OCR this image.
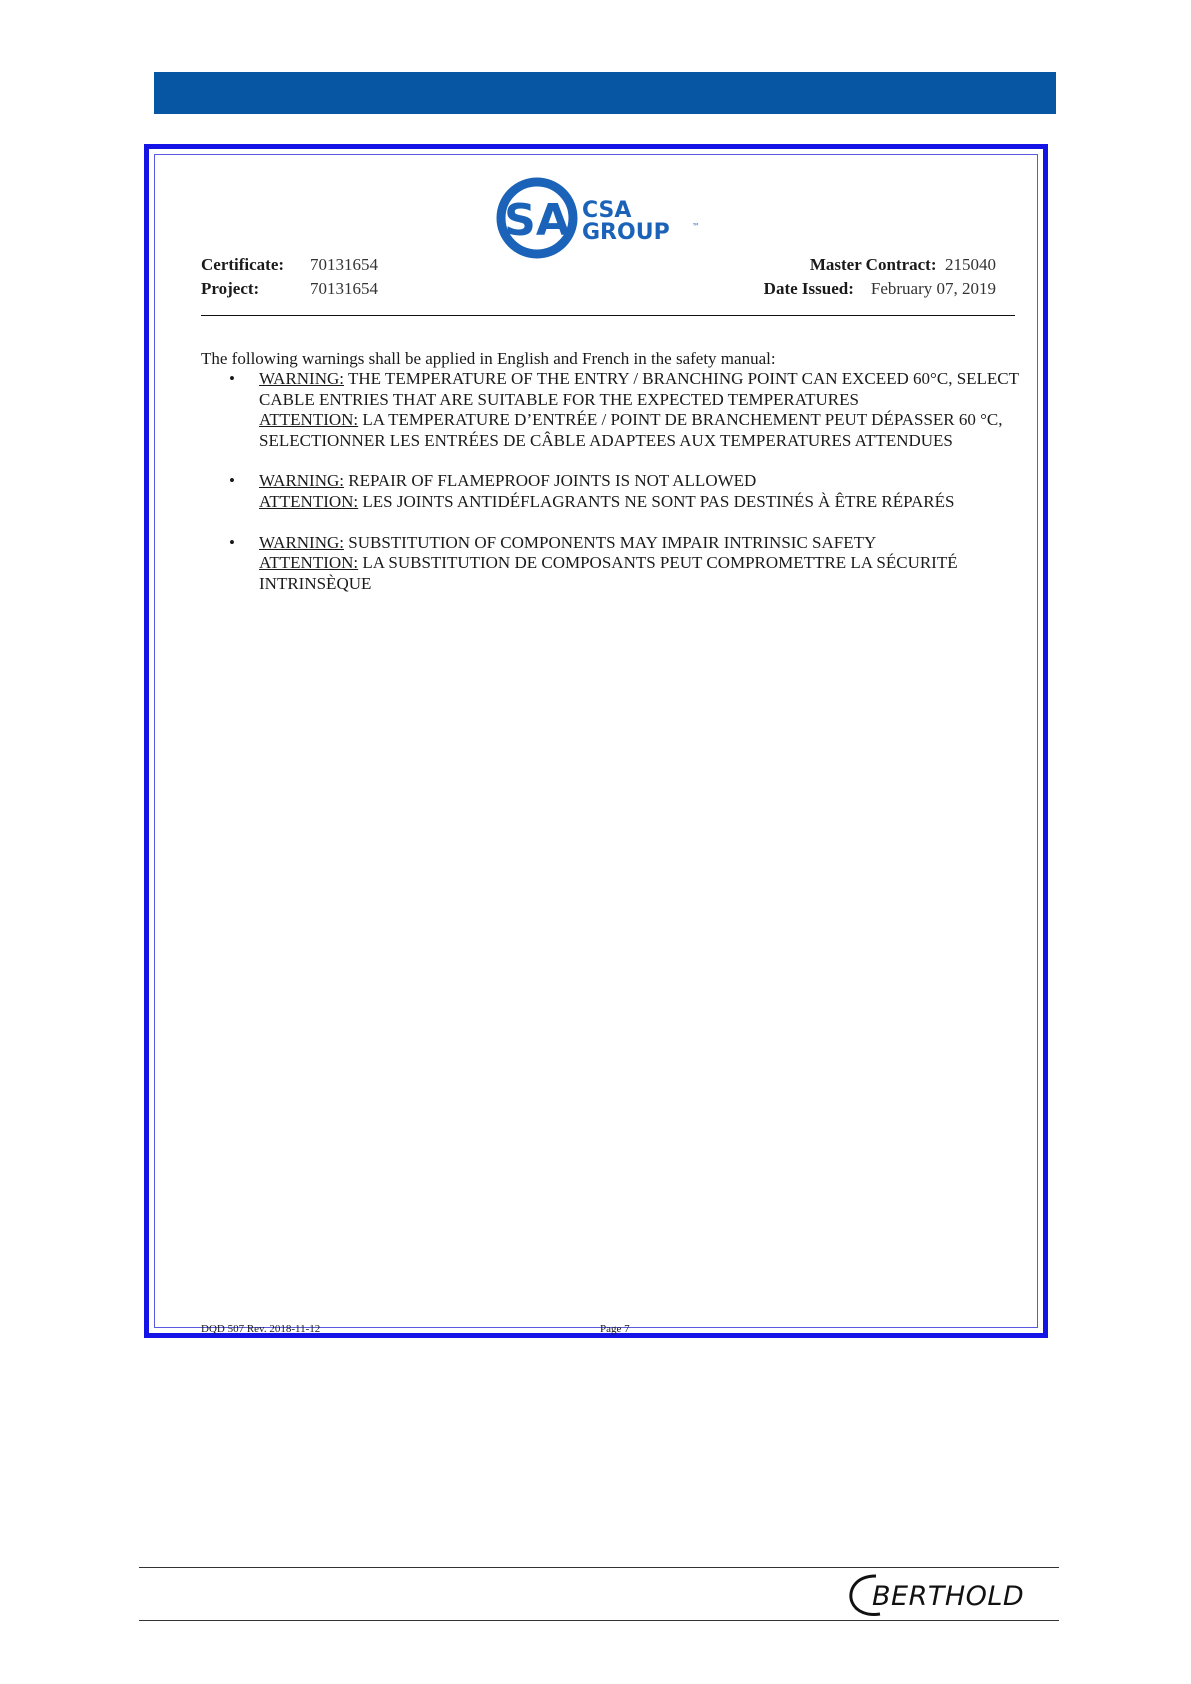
SA CSA
GROUP	™
Certificate: 70131654
Project:	70131654
Master Contract: 215040
Date Issued: February 07, 2019
The following warnings shall be applied in English and French in the safety manual:
• WARNING: THE TEMPERATURE OF THE ENTRY / BRANCHING POINT CAN EXCEED 60°C, SELECT CABLE ENTRIES THAT ARE SUITABLE FOR THE EXPECTED TEMPERATURES
ATTENTION: LA TEMPERATURE D’ENTRÉE / POINT DE BRANCHEMENT PEUT DÉPASSER 60 °C, SELECTIONNER LES ENTRÉES DE CÂBLE ADAPTEES AUX TEMPERATURES ATTENDUES
• WARNING: REPAIR OF FLAMEPROOF JOINTS IS NOT ALLOWED
ATTENTION: LES JOINTS ANTIDÉFLAGRANTS NE SONT PAS DESTINÉS À ÊTRE RÉPARÉS
• WARNING: SUBSTITUTION OF COMPONENTS MAY IMPAIR INTRINSIC SAFETY
ATTENTION: LA SUBSTITUTION DE COMPOSANTS PEUT COMPROMETTRE LA SÉCURITÉ INTRINSÈQUE
DQD 507 Rev. 2018-11-12	Page 7
BERTHOLD
